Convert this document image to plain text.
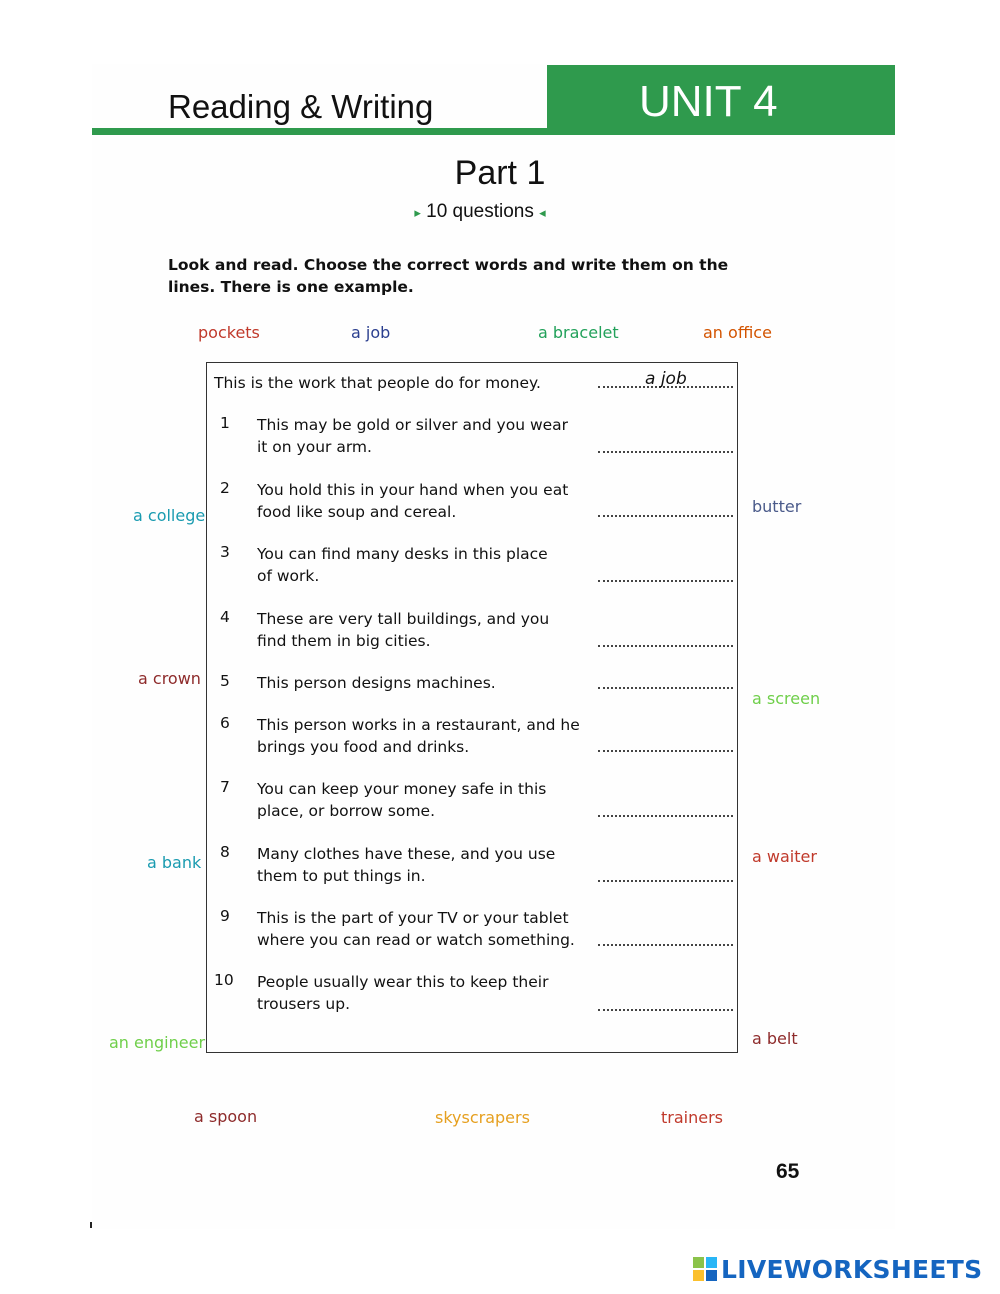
Reading & Writing	UNIT 4
Part 1
▸ 10 questions ◂
Look and read. Choose the correct words and write them on the lines. There is one example.
pockets	a job	a bracelet	an office
a college	butter
a crown
a screen
a bank	a waiter
an engineer	a belt
a spoon	skyscrapers	trainers
This is the work that people do for money.	a job
1 This may be gold or silver and you wear
it on your arm.
2 You hold this in your hand when you eat
food like soup and cereal.
3 You can find many desks in this place
of work.
4 These are very tall buildings, and you
find them in big cities.
5 This person designs machines.
6 This person works in a restaurant, and he
brings you food and drinks.
7 You can keep your money safe in this
place, or borrow some.
8 Many clothes have these, and you use
them to put things in.
9 This is the part of your TV or your tablet
where you can read or watch something.
10 People usually wear this to keep their
trousers up.
65
LIVEWORKSHEETS
